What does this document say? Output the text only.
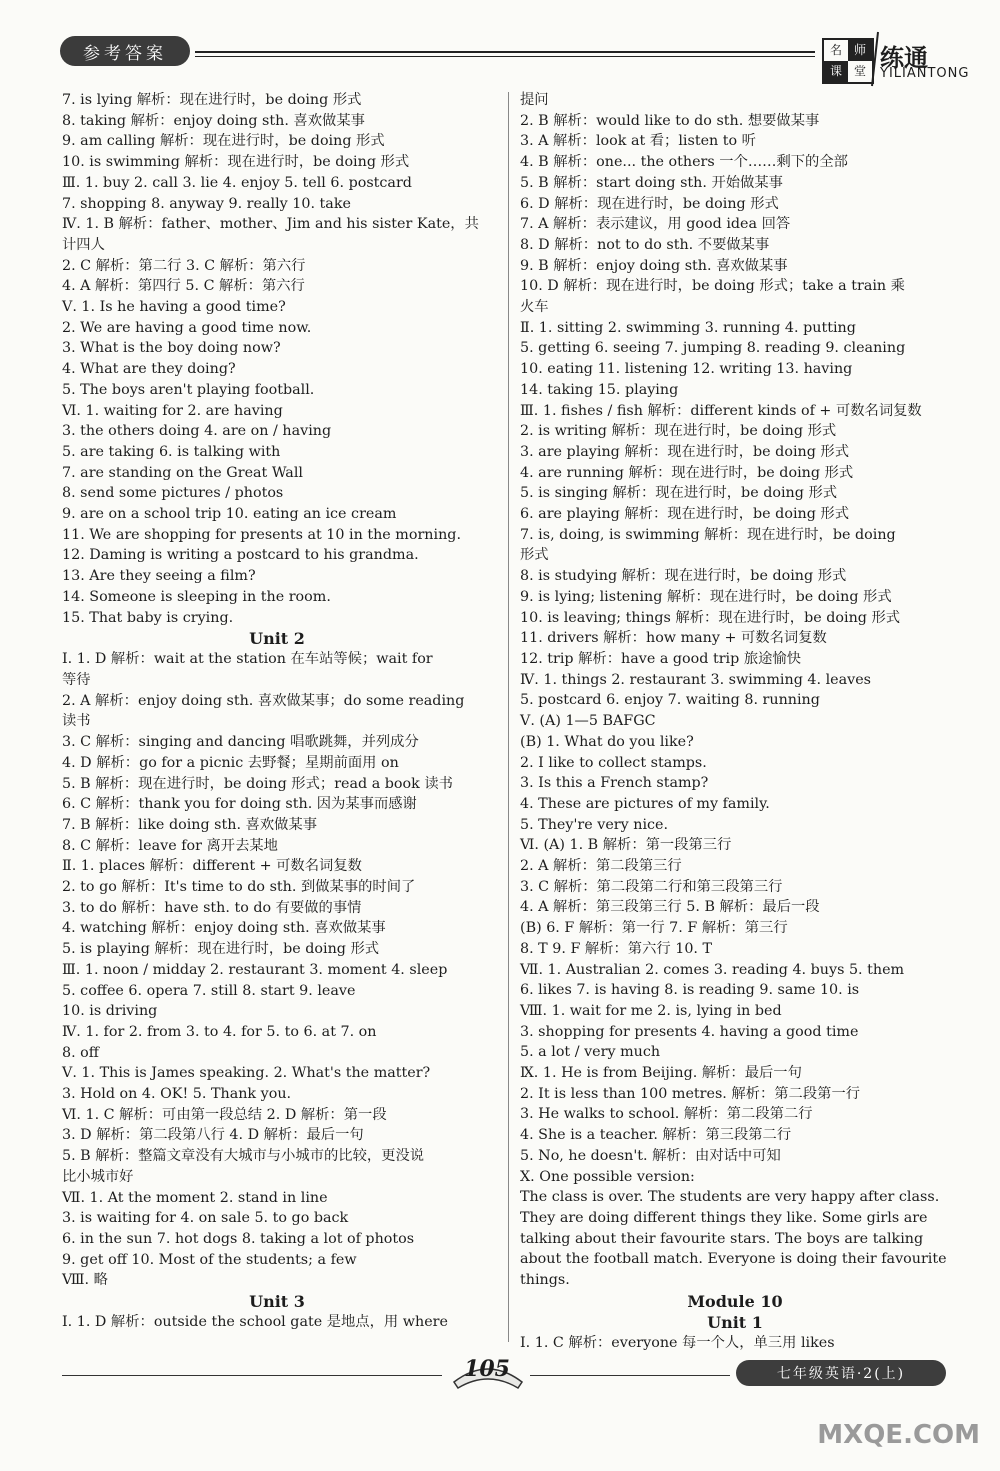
参考答案	名 师
课 堂 练通
YILIANTONG
7. is lying 解析：现在进行时，be doing 形式
8. taking 解析：enjoy doing sth. 喜欢做某事
9. am calling 解析：现在进行时，be doing 形式
10. is swimming 解析：现在进行时，be doing 形式
Ⅲ. 1. buy 2. call 3. lie 4. enjoy 5. tell 6. postcard
7. shopping 8. anyway 9. really 10. take
Ⅳ. 1. B 解析：father、mother、Jim and his sister Kate，共
计四人
2. C 解析：第二行 3. C 解析：第六行
4. A 解析：第四行 5. C 解析：第六行
Ⅴ. 1. Is he having a good time?
2. We are having a good time now.
3. What is the boy doing now?
4. What are they doing?
5. The boys aren't playing football.
Ⅵ. 1. waiting for 2. are having
3. the others doing 4. are on / having
5. are taking 6. is talking with
7. are standing on the Great Wall
8. send some pictures / photos
9. are on a school trip 10. eating an ice cream
11. We are shopping for presents at 10 in the morning.
12. Daming is writing a postcard to his grandma.
13. Are they seeing a film?
14. Someone is sleeping in the room.
15. That baby is crying.
Unit 2
Ⅰ. 1. D 解析：wait at the station 在车站等候；wait for
等待
2. A 解析：enjoy doing sth. 喜欢做某事；do some reading
读书
3. C 解析：singing and dancing 唱歌跳舞，并列成分
4. D 解析：go for a picnic 去野餐；星期前面用 on
5. B 解析：现在进行时，be doing 形式；read a book 读书
6. C 解析：thank you for doing sth. 因为某事而感谢
7. B 解析：like doing sth. 喜欢做某事
8. C 解析：leave for 离开去某地
Ⅱ. 1. places 解析：different + 可数名词复数
2. to go 解析：It's time to do sth. 到做某事的时间了
3. to do 解析：have sth. to do 有要做的事情
4. watching 解析：enjoy doing sth. 喜欢做某事
5. is playing 解析：现在进行时，be doing 形式
Ⅲ. 1. noon / midday 2. restaurant 3. moment 4. sleep
5. coffee 6. opera 7. still 8. start 9. leave
10. is driving
Ⅳ. 1. for 2. from 3. to 4. for 5. to 6. at 7. on
8. off
Ⅴ. 1. This is James speaking. 2. What's the matter?
3. Hold on 4. OK! 5. Thank you.
Ⅵ. 1. C 解析：可由第一段总结 2. D 解析：第一段
3. D 解析：第二段第八行 4. D 解析：最后一句
5. B 解析：整篇文章没有大城市与小城市的比较，更没说
比小城市好
Ⅶ. 1. At the moment 2. stand in line
3. is waiting for 4. on sale 5. to go back
6. in the sun 7. hot dogs 8. taking a lot of photos
9. get off 10. Most of the students; a few
Ⅷ. 略
Unit 3
Ⅰ. 1. D 解析：outside the school gate 是地点，用 where
提问
2. B 解析：would like to do sth. 想要做某事
3. A 解析：look at 看；listen to 听
4. B 解析：one... the others 一个……剩下的全部
5. B 解析：start doing sth. 开始做某事
6. D 解析：现在进行时，be doing 形式
7. A 解析：表示建议，用 good idea 回答
8. D 解析：not to do sth. 不要做某事
9. B 解析：enjoy doing sth. 喜欢做某事
10. D 解析：现在进行时，be doing 形式；take a train 乘
火车
Ⅱ. 1. sitting 2. swimming 3. running 4. putting
5. getting 6. seeing 7. jumping 8. reading 9. cleaning
10. eating 11. listening 12. writing 13. having
14. taking 15. playing
Ⅲ. 1. fishes / fish 解析：different kinds of + 可数名词复数
2. is writing 解析：现在进行时，be doing 形式
3. are playing 解析：现在进行时，be doing 形式
4. are running 解析：现在进行时，be doing 形式
5. is singing 解析：现在进行时，be doing 形式
6. are playing 解析：现在进行时，be doing 形式
7. is, doing, is swimming 解析：现在进行时，be doing
形式
8. is studying 解析：现在进行时，be doing 形式
9. is lying; listening 解析：现在进行时，be doing 形式
10. is leaving; things 解析：现在进行时，be doing 形式
11. drivers 解析：how many + 可数名词复数
12. trip 解析：have a good trip 旅途愉快
Ⅳ. 1. things 2. restaurant 3. swimming 4. leaves
5. postcard 6. enjoy 7. waiting 8. running
Ⅴ. (A) 1—5 BAFGC
(B) 1. What do you like?
2. I like to collect stamps.
3. Is this a French stamp?
4. These are pictures of my family.
5. They're very nice.
Ⅵ. (A) 1. B 解析：第一段第三行
2. A 解析：第二段第三行
3. C 解析：第二段第二行和第三段第三行
4. A 解析：第三段第三行 5. B 解析：最后一段
(B) 6. F 解析：第一行 7. F 解析：第三行
8. T 9. F 解析：第六行 10. T
Ⅶ. 1. Australian 2. comes 3. reading 4. buys 5. them
6. likes 7. is having 8. is reading 9. same 10. is
Ⅷ. 1. wait for me 2. is, lying in bed
3. shopping for presents 4. having a good time
5. a lot / very much
Ⅸ. 1. He is from Beijing. 解析：最后一句
2. It is less than 100 metres. 解析：第二段第一行
3. He walks to school. 解析：第二段第二行
4. She is a teacher. 解析：第三段第二行
5. No, he doesn't. 解析：由对话中可知
Ⅹ. One possible version:
The class is over. The students are very happy after class. They are doing different things they like. Some girls are talking about their favourite stars. The boys are talking about the football match. Everyone is doing their favourite things.
Module 10
Unit 1
Ⅰ. 1. C 解析：everyone 每一个人，单三用 likes
105	七年级英语·2(上)
MXQE.COM
